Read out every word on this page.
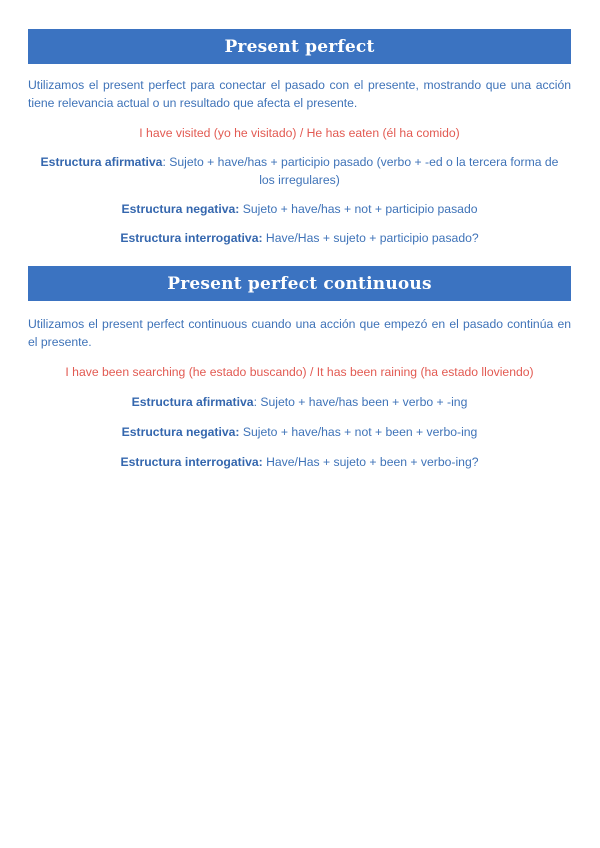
Present perfect

Utilizamos el present perfect para conectar el pasado con el presente, mostrando que una acción tiene relevancia actual o un resultado que afecta el presente.

I have visited (yo he visitado) / He has eaten (él ha comido)

Estructura afirmativa: Sujeto + have/has + participio pasado (verbo + -ed o la tercera forma de los irregulares)

Estructura negativa: Sujeto + have/has + not + participio pasado

Estructura interrogativa: Have/Has + sujeto + participio pasado?

Present perfect continuous

Utilizamos el present perfect continuous cuando una acción que empezó en el pasado continúa en el presente.

I have been searching (he estado buscando) / It has been raining (ha estado lloviendo)

Estructura afirmativa: Sujeto + have/has been + verbo + -ing

Estructura negativa: Sujeto + have/has + not + been + verbo-ing

Estructura interrogativa: Have/Has + sujeto + been + verbo-ing?
